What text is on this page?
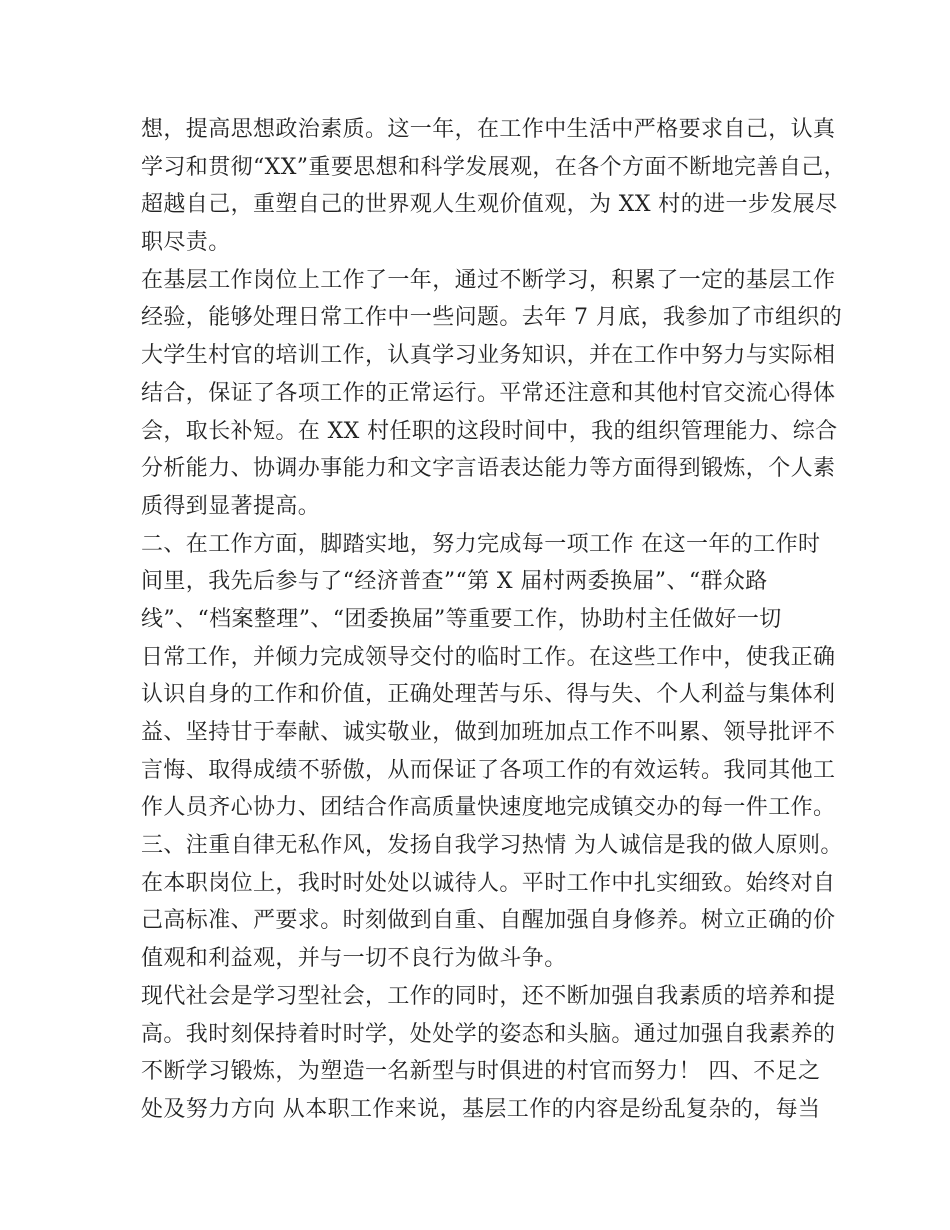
想，提高思想政治素质。这一年，在工作中生活中严格要求自己，认真
学习和贯彻“XX”重要思想和科学发展观，在各个方面不断地完善自己，
超越自己，重塑自己的世界观人生观价值观，为 XX 村的进一步发展尽
职尽责。
在基层工作岗位上工作了一年，通过不断学习，积累了一定的基层工作
经验，能够处理日常工作中一些问题。去年 7 月底，我参加了市组织的
大学生村官的培训工作，认真学习业务知识，并在工作中努力与实际相
结合，保证了各项工作的正常运行。平常还注意和其他村官交流心得体
会，取长补短。在 XX 村任职的这段时间中，我的组织管理能力、综合
分析能力、协调办事能力和文字言语表达能力等方面得到锻炼，个人素
质得到显著提高。
二、在工作方面，脚踏实地，努力完成每一项工作 在这一年的工作时
间里，我先后参与了“经济普查”“第 X 届村两委换届”、“群众路
线”、“档案整理”、“团委换届”等重要工作，协助村主任做好一切
日常工作，并倾力完成领导交付的临时工作。在这些工作中，使我正确
认识自身的工作和价值，正确处理苦与乐、得与失、个人利益与集体利
益、坚持甘于奉献、诚实敬业，做到加班加点工作不叫累、领导批评不
言悔、取得成绩不骄傲，从而保证了各项工作的有效运转。我同其他工
作人员齐心协力、团结合作高质量快速度地完成镇交办的每一件工作。
三、注重自律无私作风，发扬自我学习热情 为人诚信是我的做人原则。
在本职岗位上，我时时处处以诚待人。平时工作中扎实细致。始终对自
己高标准、严要求。时刻做到自重、自醒加强自身修养。树立正确的价
值观和利益观，并与一切不良行为做斗争。
现代社会是学习型社会，工作的同时，还不断加强自我素质的培养和提
高。我时刻保持着时时学，处处学的姿态和头脑。通过加强自我素养的
不断学习锻炼，为塑造一名新型与时俱进的村官而努力！ 四、不足之
处及努力方向 从本职工作来说，基层工作的内容是纷乱复杂的，每当
